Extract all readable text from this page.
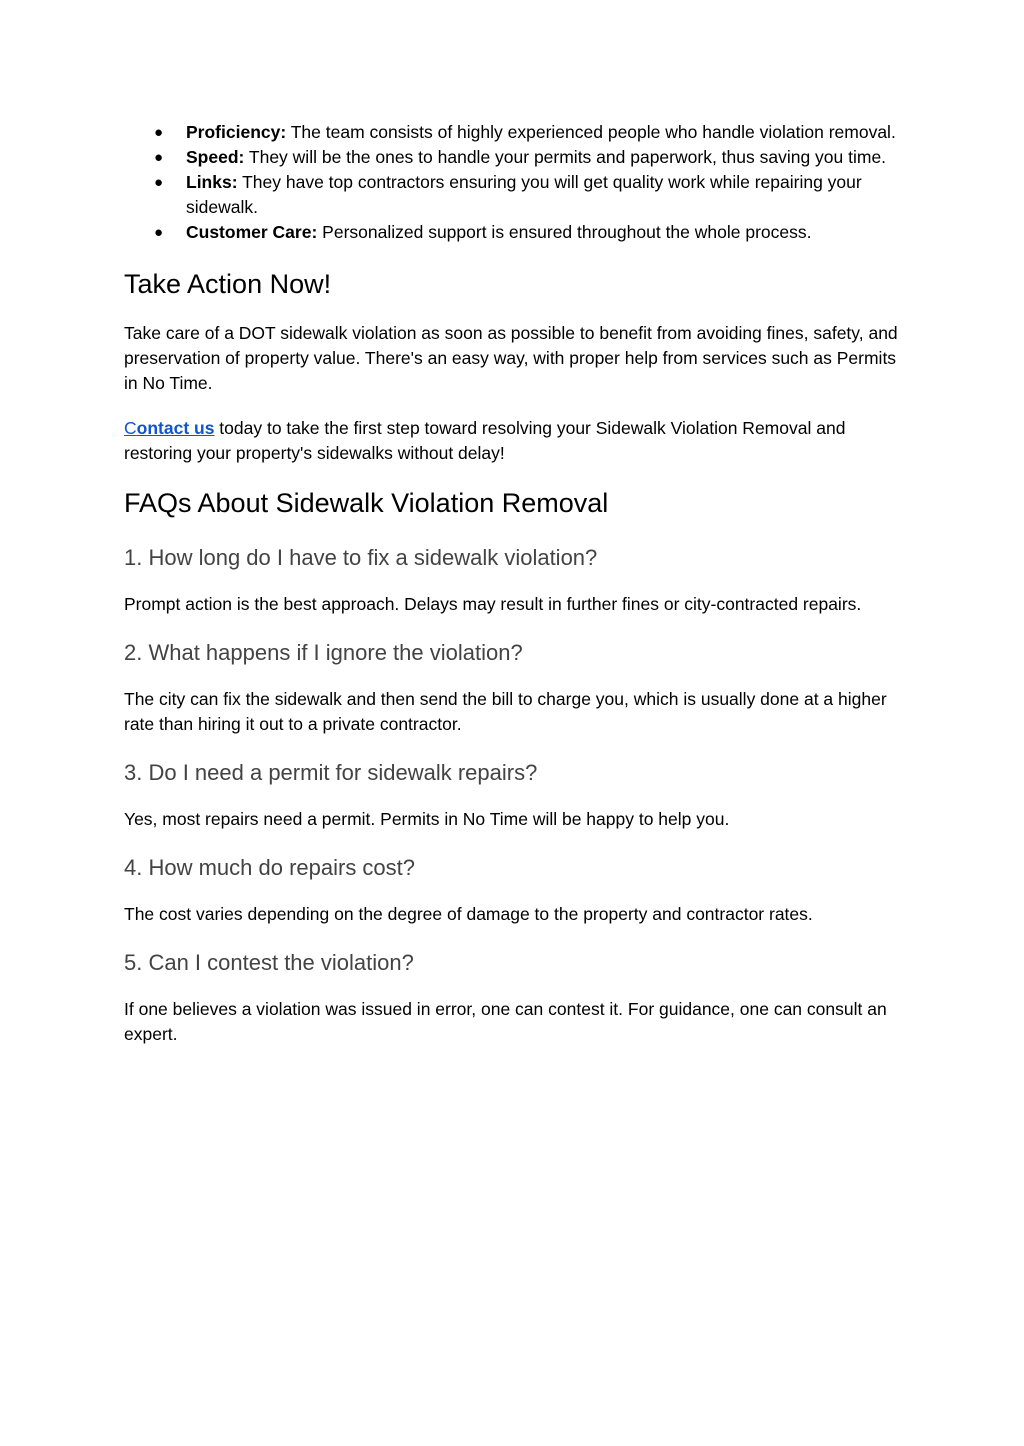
● Proficiency: The team consists of highly experienced people who handle violation removal.
● Speed: They will be the ones to handle your permits and paperwork, thus saving you time.
● Links: They have top contractors ensuring you will get quality work while repairing your sidewalk.
● Customer Care: Personalized support is ensured throughout the whole process.
Take Action Now!

Take care of a DOT sidewalk violation as soon as possible to benefit from avoiding fines, safety, and preservation of property value. There's an easy way, with proper help from services such as Permits in No Time.

Contact us today to take the first step toward resolving your Sidewalk Violation Removal and restoring your property's sidewalks without delay!

FAQs About Sidewalk Violation Removal
1. How long do I have to fix a sidewalk violation?

Prompt action is the best approach. Delays may result in further fines or city-contracted repairs.

2. What happens if I ignore the violation?

The city can fix the sidewalk and then send the bill to charge you, which is usually done at a higher rate than hiring it out to a private contractor.

3. Do I need a permit for sidewalk repairs?

Yes, most repairs need a permit. Permits in No Time will be happy to help you.

4. How much do repairs cost?

The cost varies depending on the degree of damage to the property and contractor rates.

5. Can I contest the violation?

If one believes a violation was issued in error, one can contest it. For guidance, one can consult an expert.
